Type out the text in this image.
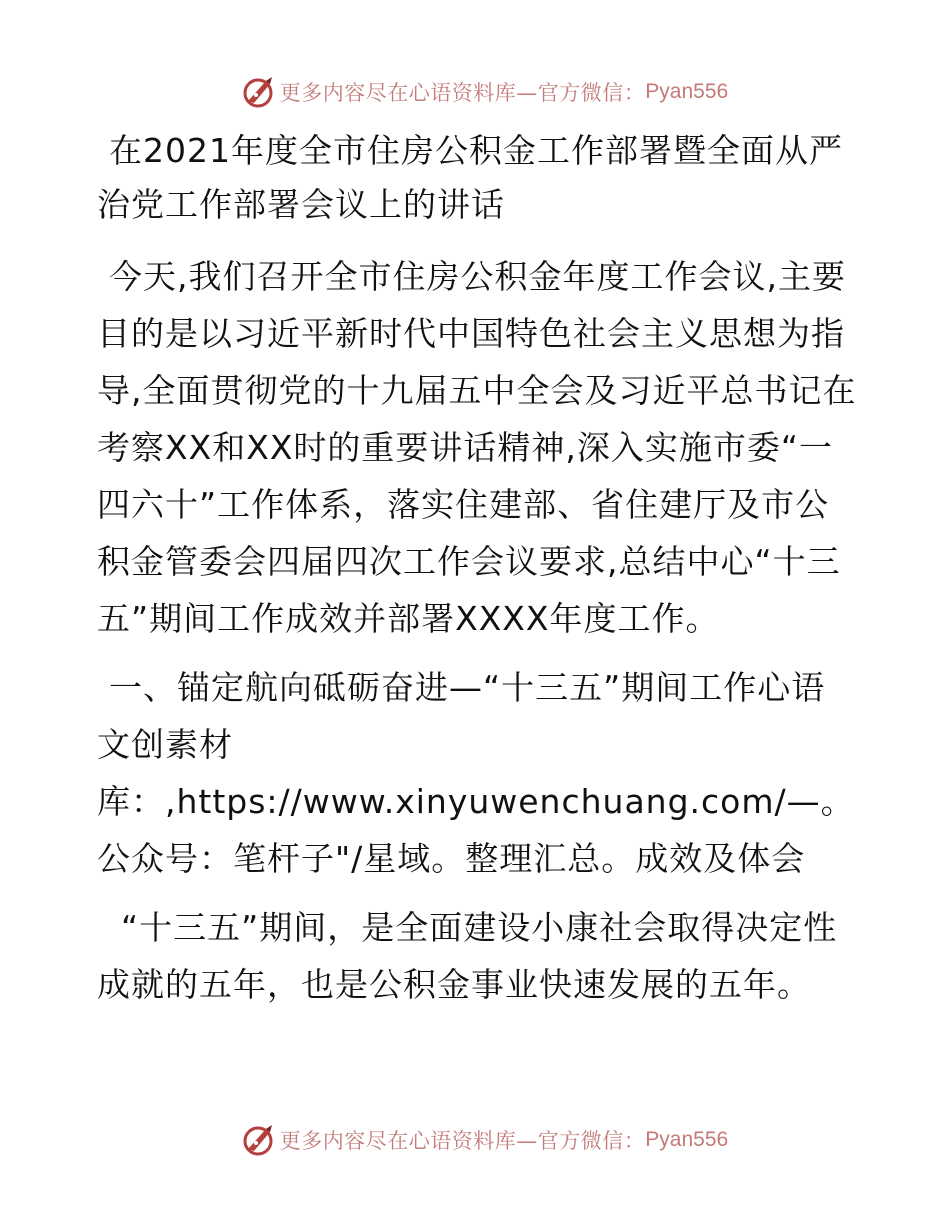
更多内容尽在心语资料库—官方微信： Pyan556

在2021年度全市住房公积金工作部署暨全面从严治党工作部署会议上的讲话

今天,我们召开全市住房公积金年度工作会议,主要目的是以习近平新时代中国特色社会主义思想为指导,全面贯彻党的十九届五中全会及习近平总书记在考察XX和XX时的重要讲话精神,深入实施市委“一四六十”工作体系，落实住建部、省住建厅及市公积金管委会四届四次工作会议要求,总结中心“十三五”期间工作成效并部署XXXX年度工作。

一、锚定航向砥砺奋进—“十三五”期间工作心语文创素材库：,https://www.xinyuwenchuang.com/—。公众号：笔杆子"/星域。整理汇总。成效及体会

“十三五”期间，是全面建设小康社会取得决定性成就的五年，也是公积金事业快速发展的五年。

更多内容尽在心语资料库—官方微信： Pyan556
